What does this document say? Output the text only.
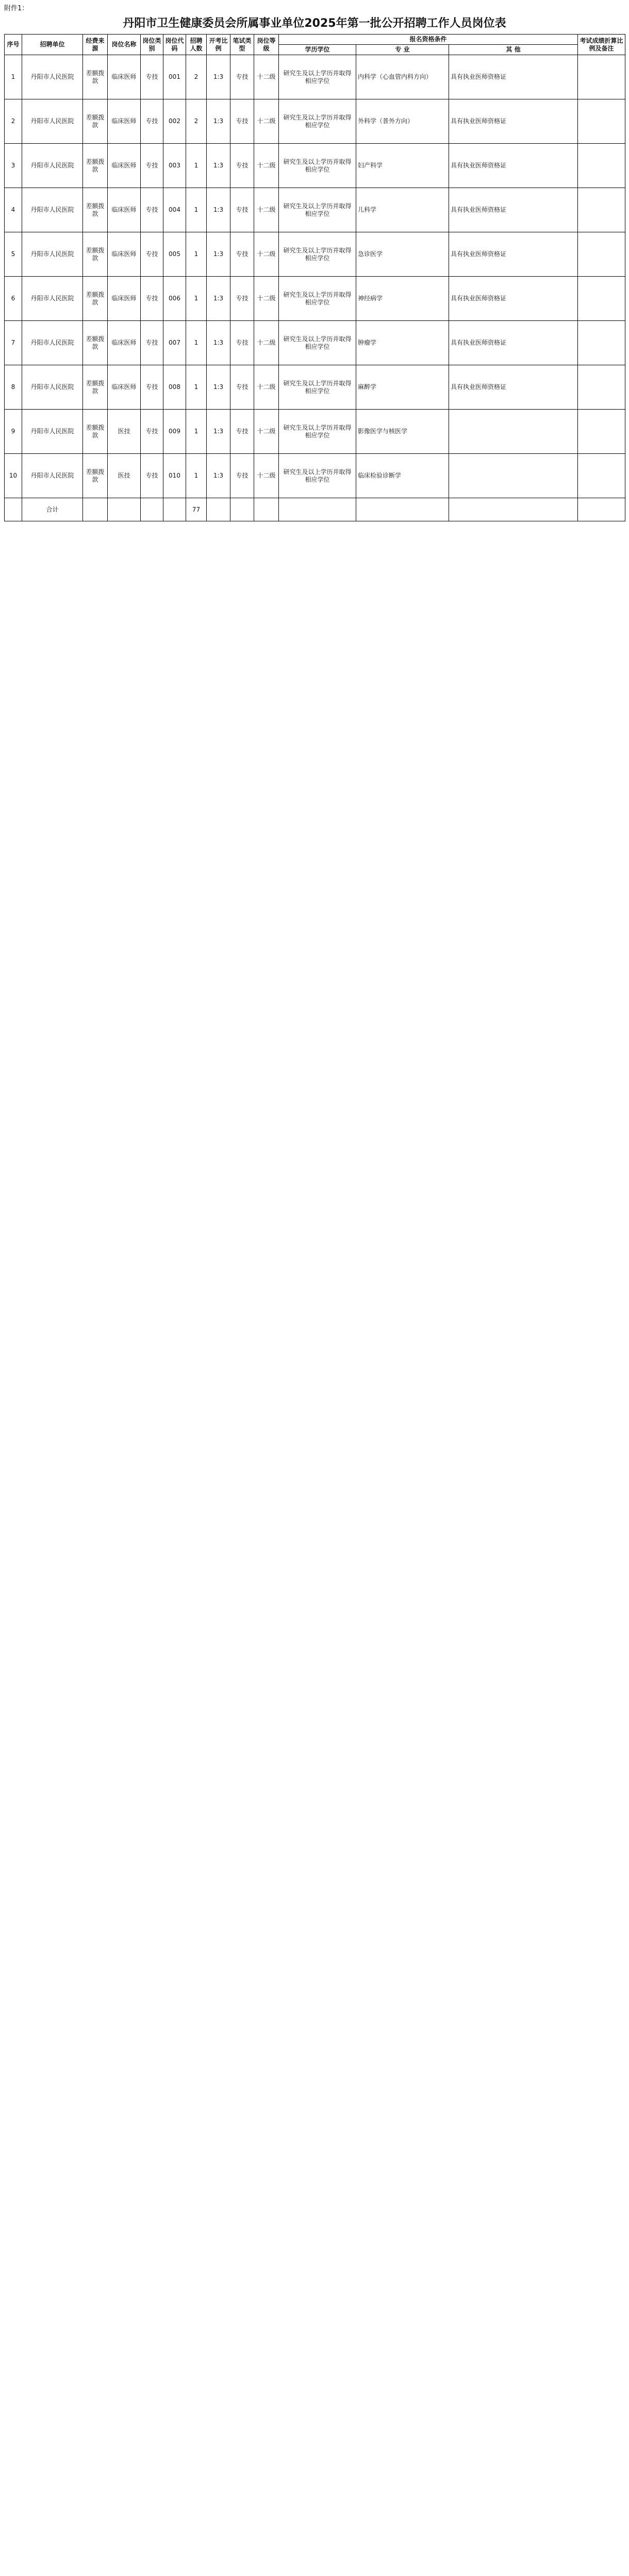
附件1：
丹阳市卫生健康委员会所属事业单位2025年第一批公开招聘工作人员岗位表
序号	招聘单位	经费来源	岗位名称	岗位类别	岗位代码	招聘人数	开考比例	笔试类型	岗位等级	报名资格条件			考试成绩折算比例及备注
										学历学位	专 业	其 他	
1	丹阳市人民医院	差额拨款	临床医师	专技	001	2	1:3	专技	十二级	研究生及以上学历并取得相应学位	内科学（心血管内科方向）	具有执业医师资格证	
2	丹阳市人民医院	差额拨款	临床医师	专技	002	2	1:3	专技	十二级	研究生及以上学历并取得相应学位	外科学（普外方向）	具有执业医师资格证	
3	丹阳市人民医院	差额拨款	临床医师	专技	003	1	1:3	专技	十二级	研究生及以上学历并取得相应学位	妇产科学	具有执业医师资格证	
4	丹阳市人民医院	差额拨款	临床医师	专技	004	1	1:3	专技	十二级	研究生及以上学历并取得相应学位	儿科学	具有执业医师资格证	
5	丹阳市人民医院	差额拨款	临床医师	专技	005	1	1:3	专技	十二级	研究生及以上学历并取得相应学位	急诊医学	具有执业医师资格证	
6	丹阳市人民医院	差额拨款	临床医师	专技	006	1	1:3	专技	十二级	研究生及以上学历并取得相应学位	神经病学	具有执业医师资格证	
7	丹阳市人民医院	差额拨款	临床医师	专技	007	1	1:3	专技	十二级	研究生及以上学历并取得相应学位	肿瘤学	具有执业医师资格证	
8	丹阳市人民医院	差额拨款	临床医师	专技	008	1	1:3	专技	十二级	研究生及以上学历并取得相应学位	麻醉学	具有执业医师资格证	
9	丹阳市人民医院	差额拨款	医技	专技	009	1	1:3	专技	十二级	研究生及以上学历并取得相应学位	影像医学与核医学		
10	丹阳市人民医院	差额拨款	医技	专技	010	1	1:3	专技	十二级	研究生及以上学历并取得相应学位	临床检验诊断学		
	合计					77							
